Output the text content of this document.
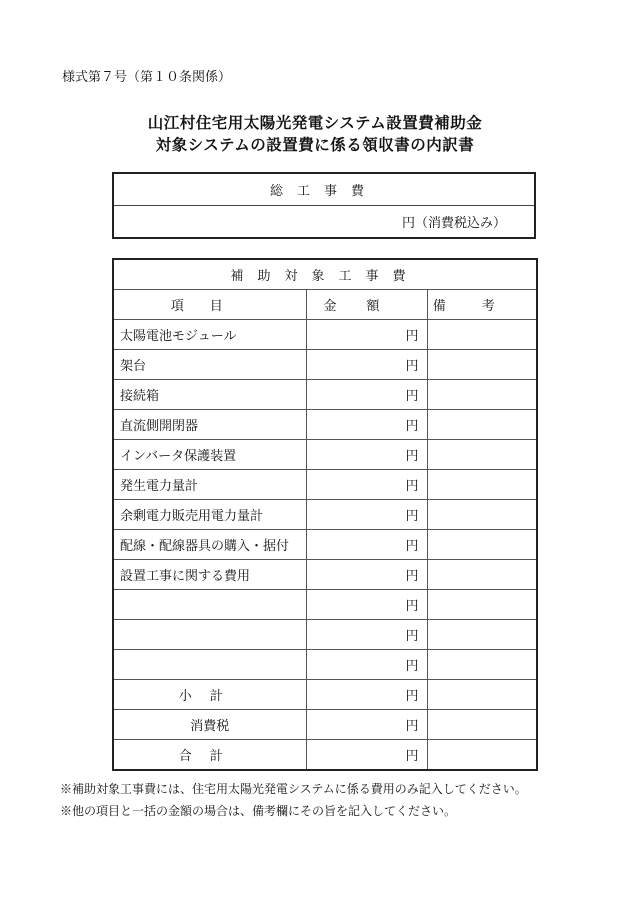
様式第７号（第１０条関係）
山江村住宅用太陽光発電システム設置費補助金
対象システムの設置費に係る領収書の内訳書
総工事費
円（消費税込み）
補助対象工事費		
項目	金額	備考
太陽電池モジュール	円	
架台	円	
接続箱	円	
直流側開閉器	円	
インバータ保護装置	円	
発生電力量計	円	
余剰電力販売用電力量計	円	
配線・配線器具の購入・据付	円	
設置工事に関する費用	円	
	円	
	円	
	円	
小計	円	
消費税	円	
合計	円	
※補助対象工事費には、住宅用太陽光発電システムに係る費用のみ記入してください。
※他の項目と一括の金額の場合は、備考欄にその旨を記入してください。
